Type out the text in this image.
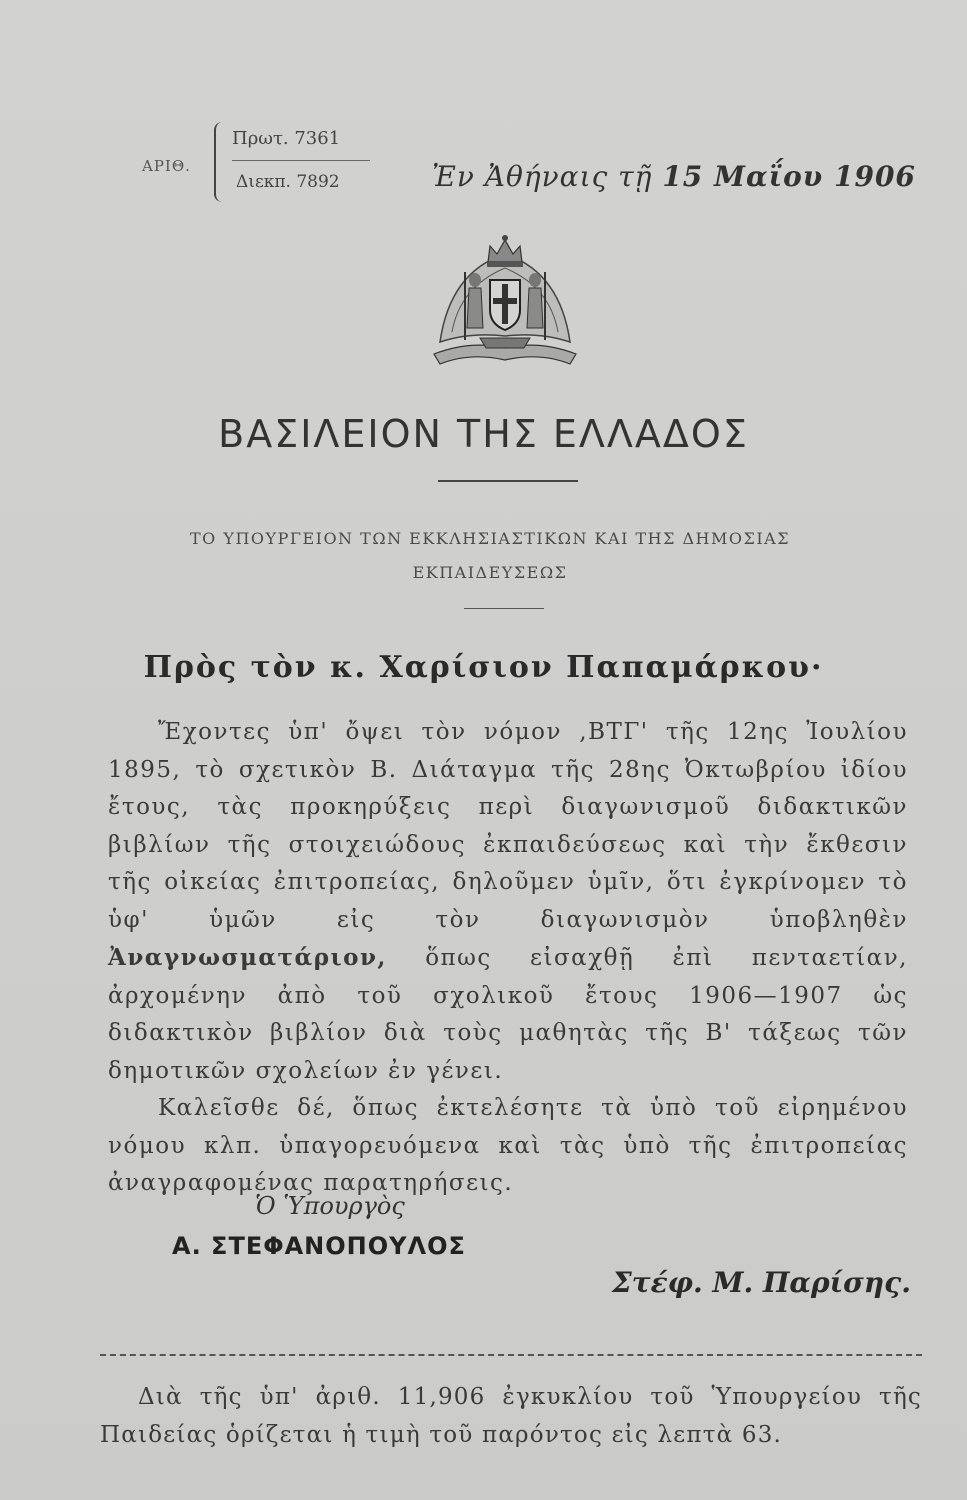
ΑΡΙΘ.
Πρωτ. 7361
Διεκπ. 7892	Ἐν Ἀθήναις τῇ 15 Μαΐου 1906
ΒΑΣΙΛΕΙΟΝ ΤΗΣ ΕΛΛΑΔΟΣ
ΤΟ ΥΠΟΥΡΓΕΙΟΝ ΤΩΝ ΕΚΚΛΗΣΙΑΣΤΙΚΩΝ ΚΑΙ ΤΗΣ ΔΗΜΟΣΙΑΣ
ΕΚΠΑΙΔΕΥΣΕΩΣ
Πρὸς τὸν κ. Χαρίσιον Παπαμάρκου·

Ἔχοντες ὑπ' ὄψει τὸν νόμον ,ΒΤΓ' τῆς 12ης Ἰουλίου 1895, τὸ σχετικὸν Β. Διάταγμα τῆς 28ης Ὀκτωβρίου ἰδίου ἔτους, τὰς προκηρύξεις περὶ διαγωνισμοῦ διδακτικῶν βιβλίων τῆς στοιχειώδους ἐκπαιδεύσεως καὶ τὴν ἔκθεσιν τῆς οἰκείας ἐπιτροπείας, δηλοῦμεν ὑμῖν, ὅτι ἐγκρίνομεν τὸ ὑφ' ὑμῶν εἰς τὸν διαγωνισμὸν ὑποβληθὲν Ἀναγνωσματάριον, ὅπως εἰσαχθῇ ἐπὶ πενταετίαν, ἀρχομένην ἀπὸ τοῦ σχολικοῦ ἔτους 1906—1907 ὡς διδακτικὸν βιβλίον διὰ τοὺς μαθητὰς τῆς Β' τάξεως τῶν δημοτικῶν σχολείων ἐν γένει.

Καλεῖσθε δέ, ὅπως ἐκτελέσητε τὰ ὑπὸ τοῦ εἰρημένου νόμου κλπ. ὑπαγορευόμενα καὶ τὰς ὑπὸ τῆς ἐπιτροπείας ἀναγραφομένας παρατηρήσεις.

Ὁ Ὑπουργὸς
Α. ΣΤΕΦΑΝΟΠΟΥΛΟΣ
Στέφ. Μ. Παρίσης.

Διὰ τῆς ὑπ' ἀριθ. 11,906 ἐγκυκλίου τοῦ Ὑπουργείου τῆς Παιδείας ὁρίζεται ἡ τιμὴ τοῦ παρόντος εἰς λεπτὰ 63.
